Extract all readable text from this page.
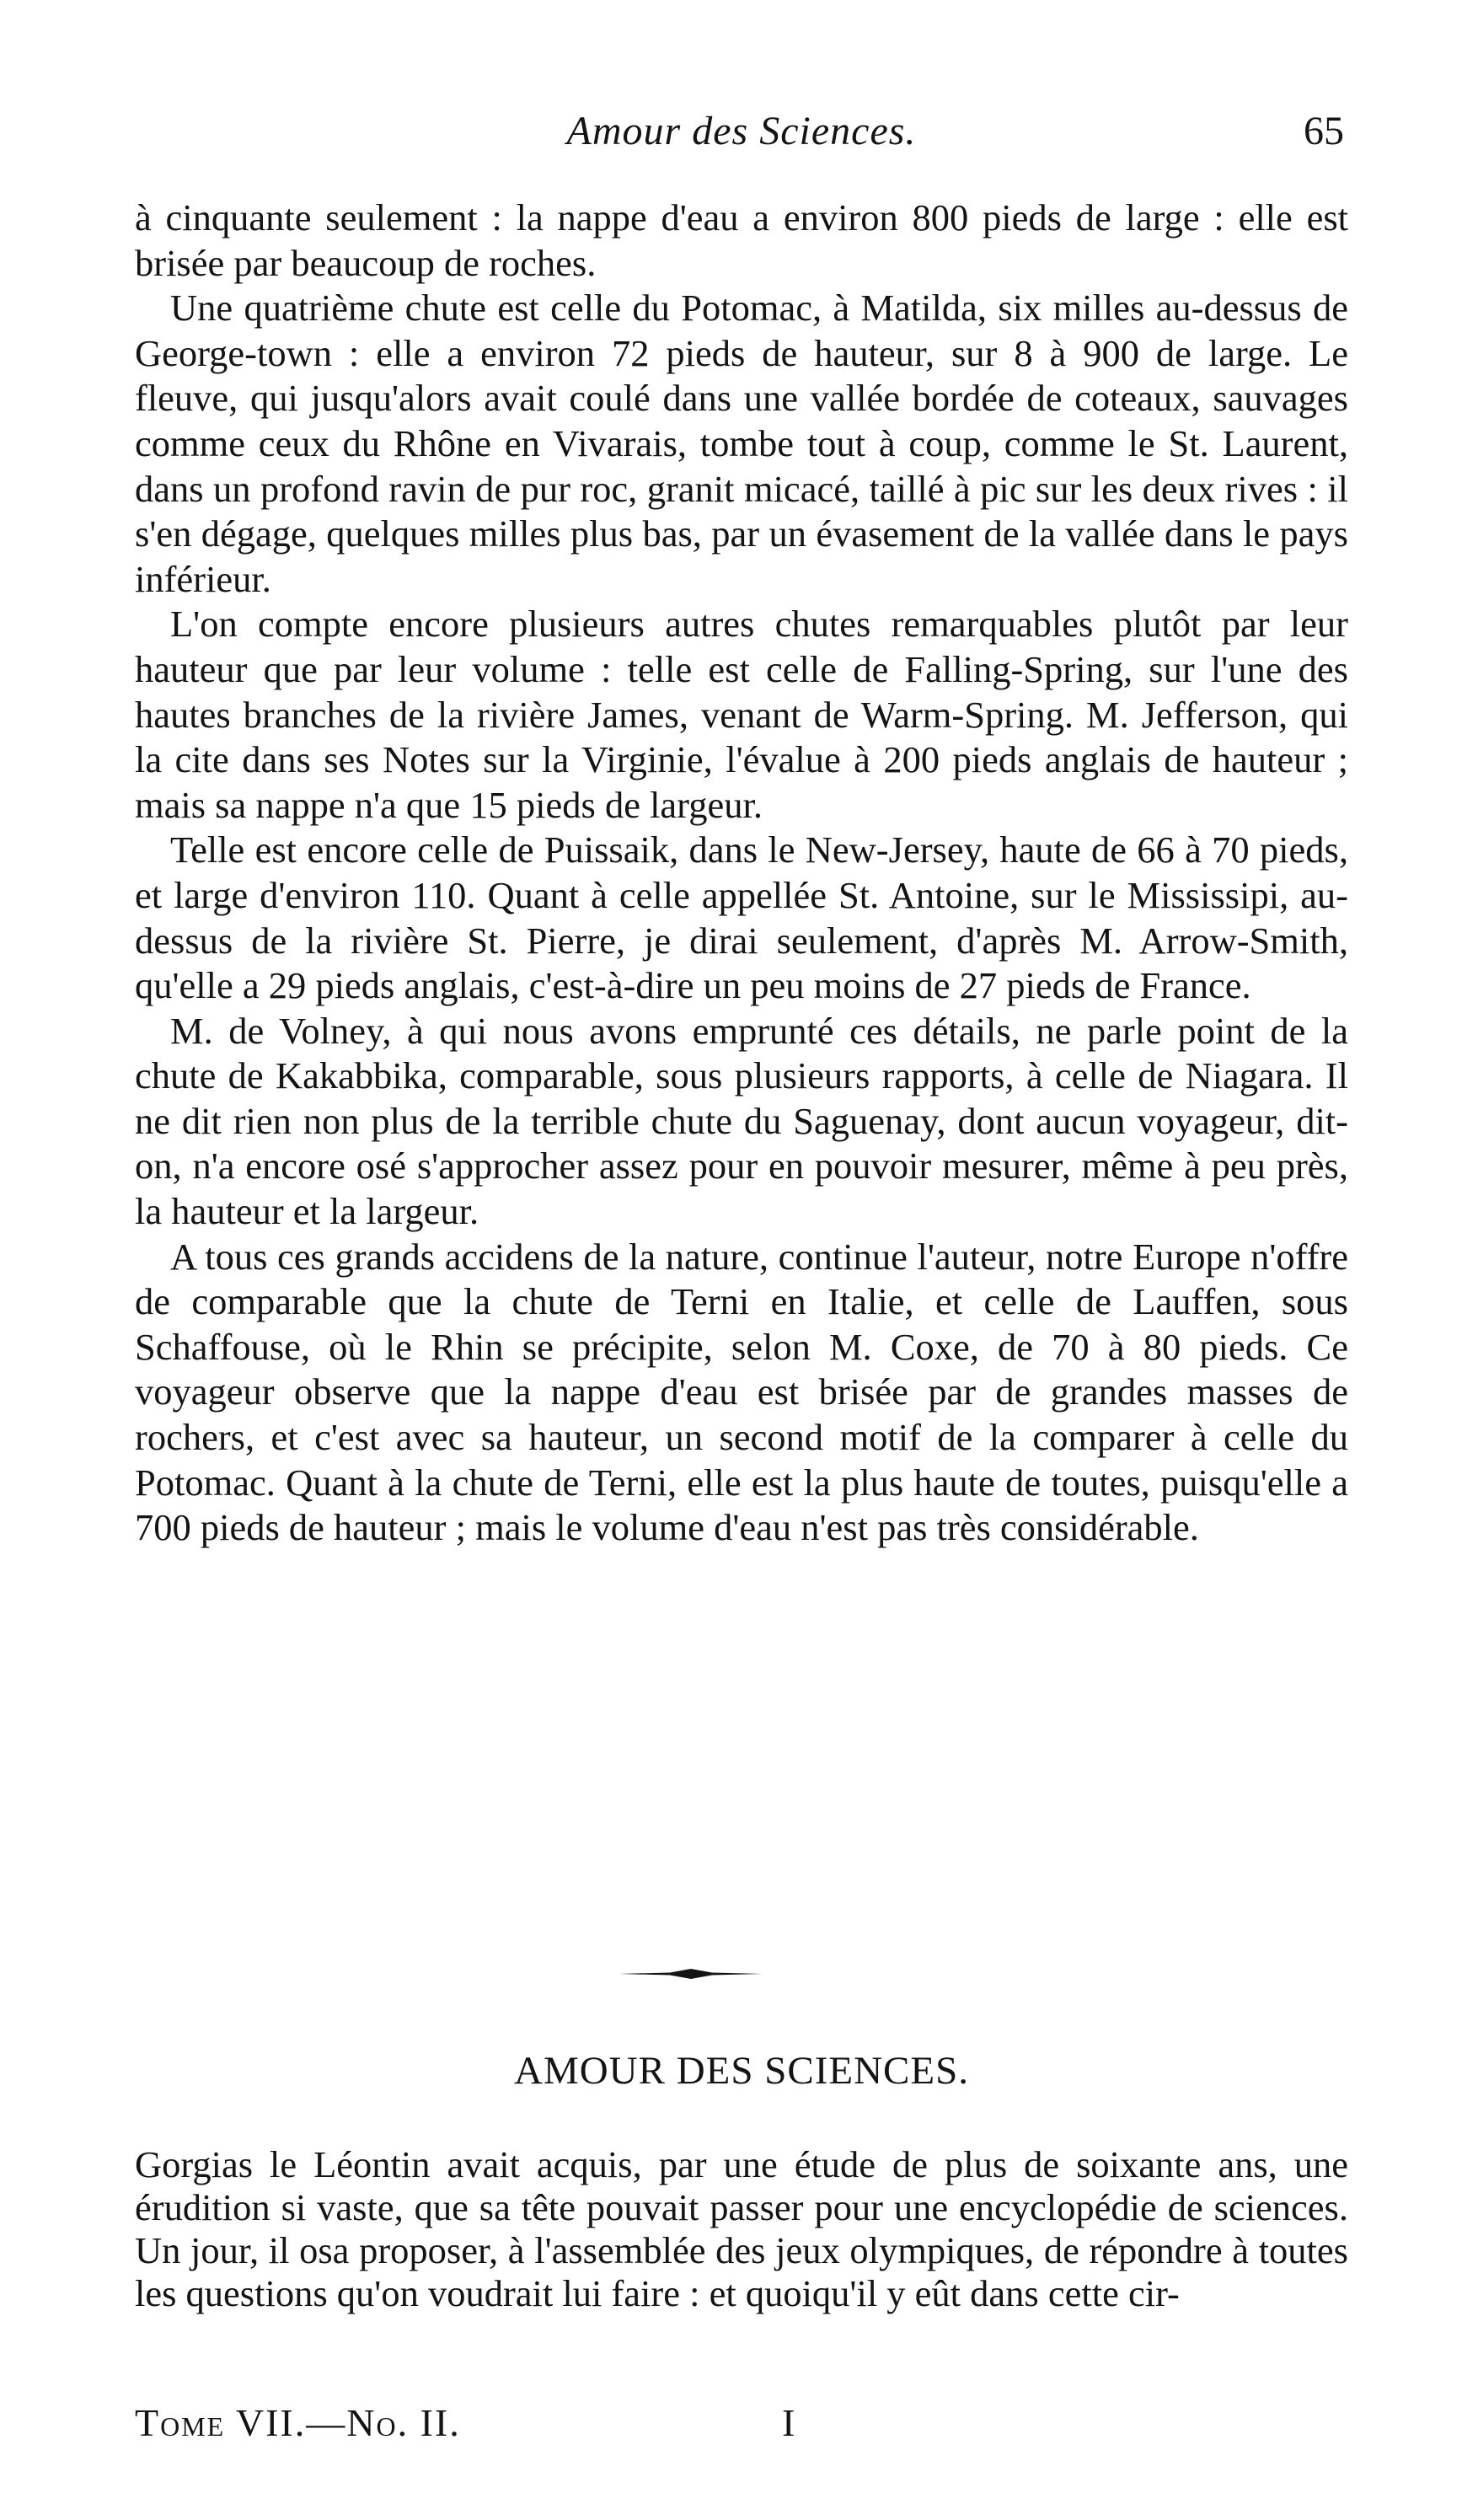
Amour des Sciences.	65

à cinquante seulement : la nappe d'eau a environ 800 pieds de large : elle est brisée par beaucoup de roches.

Une quatrième chute est celle du Potomac, à Matilda, six milles au-dessus de George-town : elle a environ 72 pieds de hauteur, sur 8 à 900 de large. Le fleuve, qui jusqu'alors avait coulé dans une vallée bordée de coteaux, sauvages comme ceux du Rhône en Vivarais, tombe tout à coup, comme le St. Laurent, dans un profond ravin de pur roc, granit micacé, taillé à pic sur les deux rives : il s'en dégage, quelques milles plus bas, par un évasement de la vallée dans le pays inférieur.

L'on compte encore plusieurs autres chutes remarquables plutôt par leur hauteur que par leur volume : telle est celle de Falling-Spring, sur l'une des hautes branches de la rivière James, venant de Warm-Spring. M. Jefferson, qui la cite dans ses Notes sur la Virginie, l'évalue à 200 pieds anglais de hauteur ; mais sa nappe n'a que 15 pieds de largeur.

Telle est encore celle de Puissaik, dans le New-Jersey, haute de 66 à 70 pieds, et large d'environ 110. Quant à celle appellée St. Antoine, sur le Mississipi, au-dessus de la rivière St. Pierre, je dirai seulement, d'après M. Arrow-Smith, qu'elle a 29 pieds anglais, c'est-à-dire un peu moins de 27 pieds de France.

M. de Volney, à qui nous avons emprunté ces détails, ne parle point de la chute de Kakabbika, comparable, sous plusieurs rapports, à celle de Niagara. Il ne dit rien non plus de la terrible chute du Saguenay, dont aucun voyageur, dit-on, n'a encore osé s'approcher assez pour en pouvoir mesurer, même à peu près, la hauteur et la largeur.

A tous ces grands accidens de la nature, continue l'auteur, notre Europe n'offre de comparable que la chute de Terni en Italie, et celle de Lauffen, sous Schaffouse, où le Rhin se précipite, selon M. Coxe, de 70 à 80 pieds. Ce voyageur observe que la nappe d'eau est brisée par de grandes masses de rochers, et c'est avec sa hauteur, un second motif de la comparer à celle du Potomac. Quant à la chute de Terni, elle est la plus haute de toutes, puisqu'elle a 700 pieds de hauteur ; mais le volume d'eau n'est pas très considérable.

AMOUR DES SCIENCES.

Gorgias le Léontin avait acquis, par une étude de plus de soixante ans, une érudition si vaste, que sa tête pouvait passer pour une encyclopédie de sciences. Un jour, il osa proposer, à l'assemblée des jeux olympiques, de répondre à toutes les questions qu'on voudrait lui faire : et quoiqu'il y eût dans cette cir-

Tome VII.—No. II.	I
